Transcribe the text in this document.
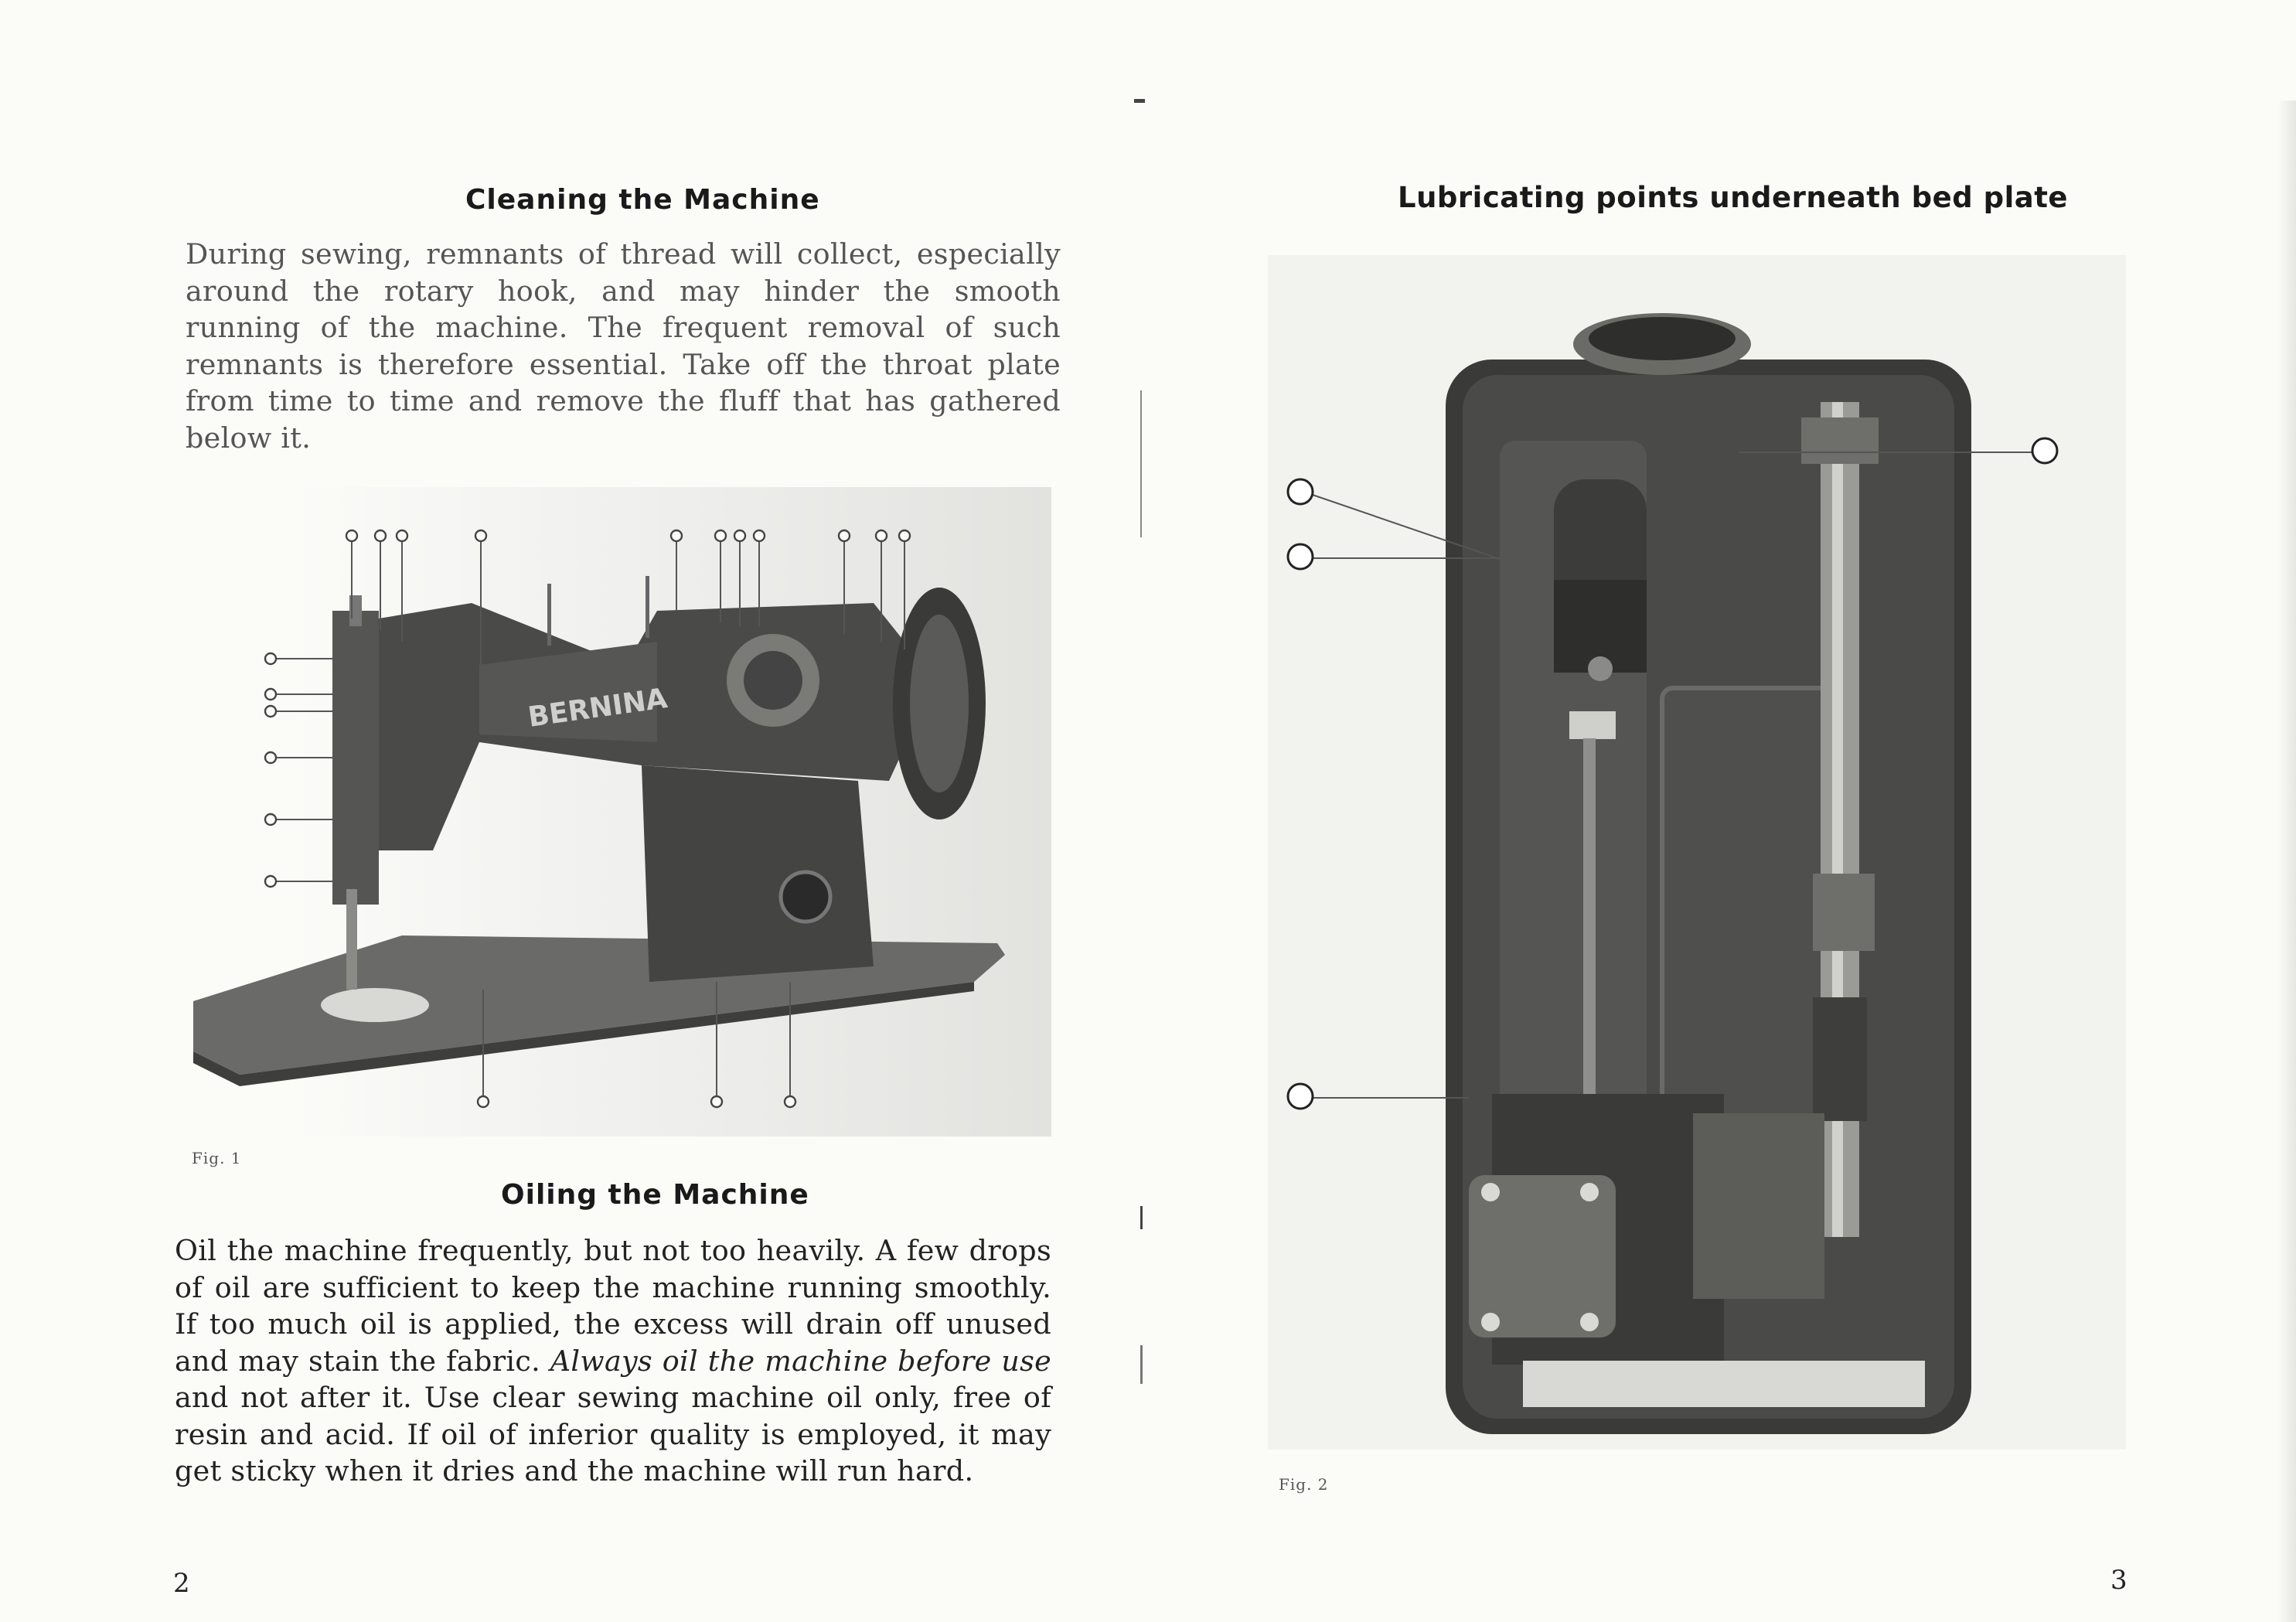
Cleaning the Machine

During sewing, remnants of thread will collect, especially around the rotary hook, and may hinder the smooth running of the machine. The frequent removal of such remnants is therefore essential. Take off the throat plate from time to time and remove the fluff that has gathered below it.

BERNINA
Fig. 1
Oiling the Machine

Oil the machine frequently, but not too heavily. A few drops of oil are sufficient to keep the machine running smoothly. If too much oil is applied, the excess will drain off unused and may stain the fabric. Always oil the machine before use and not after it. Use clear sewing machine oil only, free of resin and acid. If oil of inferior quality is employed, it may get sticky when it dries and the machine will run hard.

2
Lubricating points underneath bed plate
Fig. 2
3
